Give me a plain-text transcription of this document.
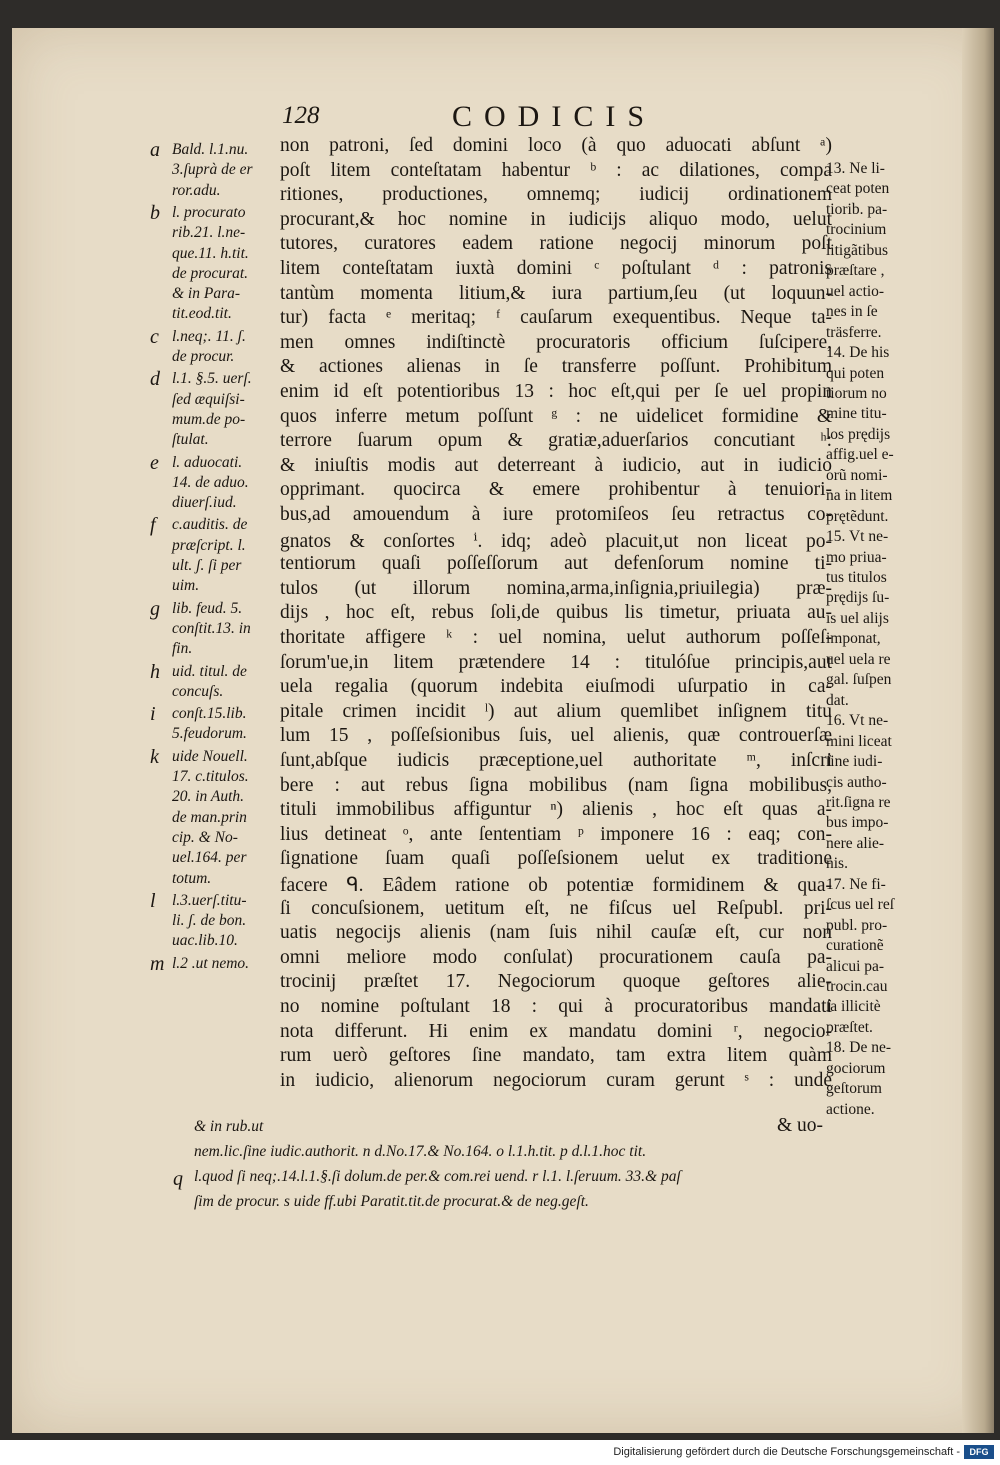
128	CODICIS
non patroni, ſed domini loco (à quo aduocati abſunt ᵃ)
poſt litem conteſtatam habentur ᵇ : ac dilationes, compa
ritiones, productiones, omnemq; iudicij ordinationem
procurant,& hoc nomine in iudicijs aliquo modo, uelut
tutores, curatores eadem ratione negocij minorum poſt
litem conteſtatam iuxtà domini ᶜ poſtulant ᵈ : patronis
tantùm momenta litium,& iura partium,ſeu (ut loquun-
tur) facta ᵉ meritaq; ᶠ cauſarum exequentibus. Neque ta-
men omnes indiſtinctè procuratoris officium ſuſcipere,
& actiones alienas in ſe transferre poſſunt. Prohibitum
enim id eſt potentioribus 13 : hoc eſt,qui per ſe uel propin
quos inferre metum poſſunt ᵍ : ne uidelicet formidine &
terrore ſuarum opum & gratiæ,aduerſarios concutiant ʰ:
& iniuſtis modis aut deterreant à iudicio, aut in iudicio
opprimant. quocirca & emere prohibentur à tenuiori-
bus,ad amouendum à iure protomiſeos ſeu retractus co-
gnatos & conſortes ⁱ. idq; adeò placuit,ut non liceat po-
tentiorum quaſi poſſeſſorum aut defenſorum nomine ti-
tulos (ut illorum nomina,arma,inſignia,priuilegia) præ-
dijs , hoc eſt, rebus ſoli,de quibus lis timetur, priuata au-
thoritate affigere ᵏ : uel nomina, uelut authorum poſſeſ-
ſorum'ue,in litem prætendere 14 : titulóſue principis,aut
uela regalia (quorum indebita eiuſmodi uſurpatio in ca-
pitale crimen incidit ˡ) aut alium quemlibet inſignem titu
lum 15 , poſſeſsionibus ſuis, uel alienis, quæ controuerſæ
ſunt,abſque iudicis præceptione,uel authoritate ᵐ, inſcri
bere : aut rebus ſigna mobilibus (nam ſigna mobilibus,
tituli immobilibus affiguntur ⁿ) alienis , hoc eſt quas a-
lius detineat ᵒ, ante ſententiam ᵖ imponere 16 : eaq; con-
ſignatione ſuam quaſi poſſeſsionem uelut ex traditione
facere ᑫ. Eâdem ratione ob potentiæ formidinem & qua-
ſi concuſsionem, uetitum eſt, ne fiſcus uel Reſpubl. pri-
uatis negocijs alienis (nam ſuis nihil cauſæ eſt, cur non
omni meliore modo conſulat) procurationem cauſa pa-
trocinij præſtet 17. Negociorum quoque geſtores alie-
no nomine poſtulant 18 : qui à procuratoribus mandati
nota differunt. Hi enim ex mandatu domini ʳ, negocio-
rum uerò geſtores ſine mandato, tam extra litem quàm
in iudicio, alienorum negociorum curam gerunt ˢ : unde
a Bald. l.1.nu.
3.ſuprà de er
ror.adu.
b l. procurato
rib.21. l.ne-
que.11. h.tit.
de procurat.
& in Para-
tit.eod.tit.
c l.neq;. 11. ʃ.
de procur.
d l.1. §.5. uerſ.
ſed æquiſsi-
mum.de po-
ſtulat.
e l. aduocati.
14. de aduo.
diuerſ.iud.
f c.auditis. de
præſcript. l.
ult. ʃ. ſi per
uim.
g lib. feud. 5.
conſtit.13. in
fin.
h uid. titul. de
concuſs.
i conſt.15.lib.
5.feudorum.
k uide Nouell.
17. c.titulos.
20. in Auth.
de man.prin
cip. & No-
uel.164. per
totum.
l l.3.uerſ.titu-
li. ʃ. de bon.
uac.lib.10.
m l.2 .ut nemo.
13. Ne li-
ceat poten
tiorib. pa-
trocinium
litigãtibus
præſtare ,
uel actio-
nes in ſe
träsferre.
14. De his
qui poten
tiorum no
mine titu-
los prędijs
affig.uel e-
orũ nomi-
na in litem
prętẽdunt.
15. Vt ne-
mo priua-
tus titulos
prędijs ſu-
is uel alijs
imponat,
uel uela re
gal. ſuſpen
dat.
16. Vt ne-
mini liceat
ſine iudi-
cis autho-
rit.ſigna re
bus impo-
nere alie-
nis.
17. Ne fi-
ſcus uel reſ
publ. pro-
curationẽ
alicui pa-
trocin.cau
ſa illicitè
præſtet.
18. De ne-
gociorum
geſtorum
actione.
& uo-
q
& in rub.ut
nem.lic.ſine iudic.authorit. n d.No.17.& No.164. o l.1.h.tit. p d.l.1.hoc tit.
l.quod ſi neq;.14.l.1.§.ſi dolum.de per.& com.rei uend. r l.1. l.ſeruum. 33.& paſ
ſim de procur. s uide ff.ubi Paratit.tit.de procurat.& de neg.geſt.
Digitalisierung gefördert durch die Deutsche Forschungsgemeinschaft -	DFG
